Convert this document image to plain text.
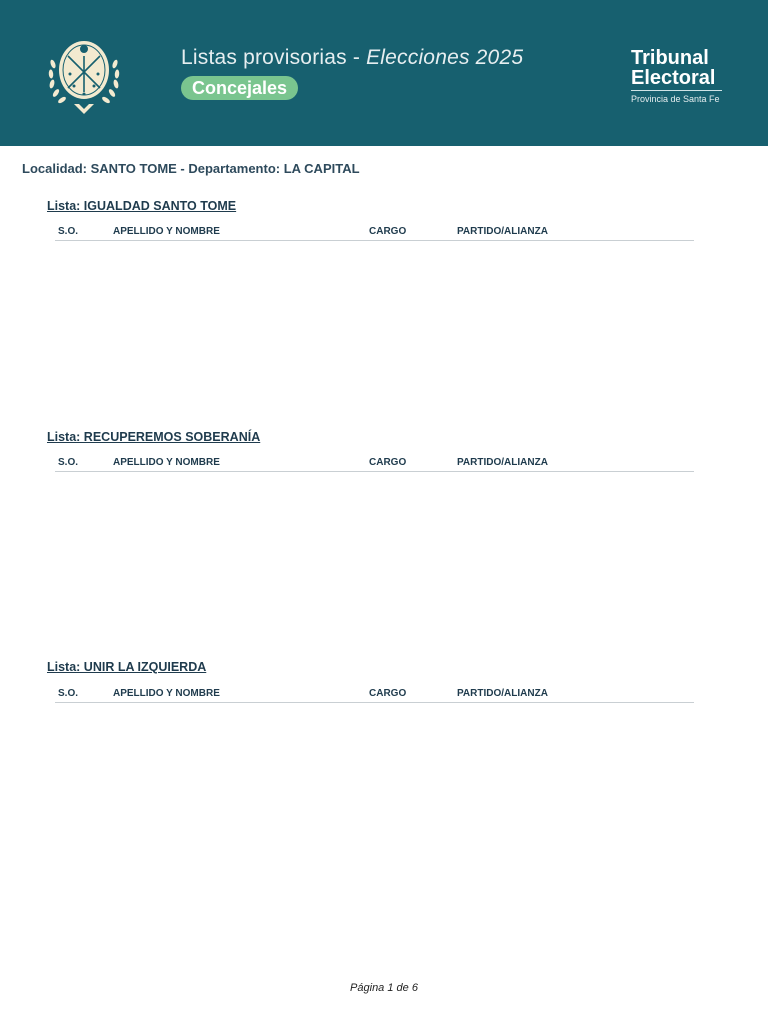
Listas provisorias - Elecciones 2025
Concejales
Tribunal
Electoral
Provincia de Santa Fe
Localidad: SANTO TOME - Departamento: LA CAPITAL
Lista: IGUALDAD SANTO TOME
S.O.	APELLIDO Y NOMBRE	CARGO	PARTIDO/ALIANZA
Lista: RECUPEREMOS SOBERANÍA
S.O.	APELLIDO Y NOMBRE	CARGO	PARTIDO/ALIANZA
Lista: UNIR LA IZQUIERDA
S.O.	APELLIDO Y NOMBRE	CARGO	PARTIDO/ALIANZA
Página 1 de 6
